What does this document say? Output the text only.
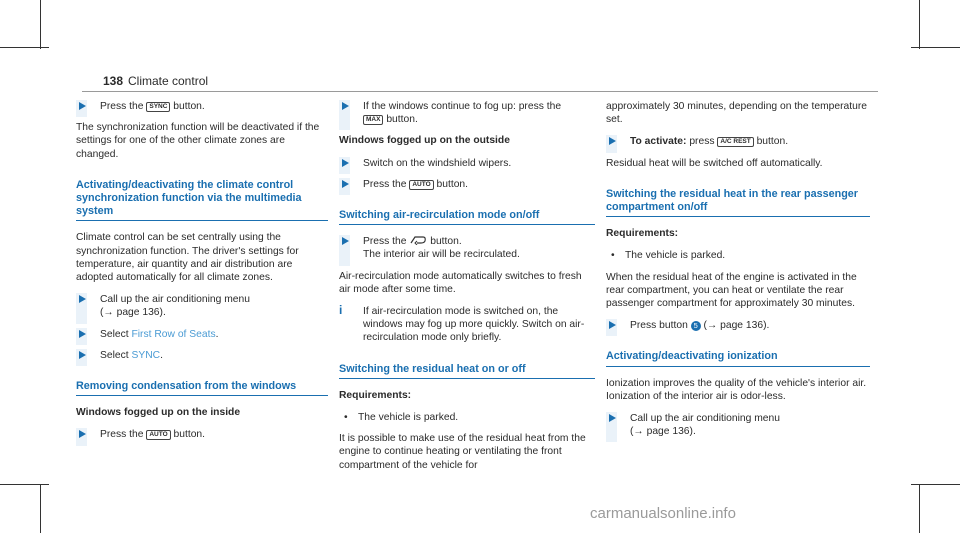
138 Climate control
Press the SYNC button.

The synchronization function will be deactivated if the settings for one of the other climate zones are changed.

Activating/deactivating the climate control synchronization function via the multimedia system

Climate control can be set centrally using the synchronization function. The driver's settings for temperature, air quantity and air distribution are adopted automatically for all climate zones.

Call up the air conditioning menu
(→ page 136).
Select First Row of Seats.
Select SYNC.
Removing condensation from the windows
Windows fogged up on the inside
Press the AUTO button.
If the windows continue to fog up: press the
MAX button.
Windows fogged up on the outside
Switch on the windshield wipers.
Press the AUTO button.
Switching air-recirculation mode on/off
Press the  button.
The interior air will be recirculated.

Air-recirculation mode automatically switches to fresh air mode after some time.

i If air-recirculation mode is switched on, the windows may fog up more quickly. Switch on air-recirculation mode only briefly.
Switching the residual heat on or off
Requirements:
• The vehicle is parked.

It is possible to make use of the residual heat from the engine to continue heating or ventilating the front compartment of the vehicle for

approximately 30 minutes, depending on the temperature set.

To activate: press A/C REST button.

Residual heat will be switched off automatically.

Switching the residual heat in the rear passenger compartment on/off
Requirements:
• The vehicle is parked.

When the residual heat of the engine is activated in the rear compartment, you can heat or ventilate the rear passenger compartment for approximately 30 minutes.

Press button 5 (→ page 136).
Activating/deactivating ionization

Ionization improves the quality of the vehicle's interior air. Ionization of the interior air is odor-less.

Call up the air conditioning menu
(→ page 136).
carmanualsonline.info
